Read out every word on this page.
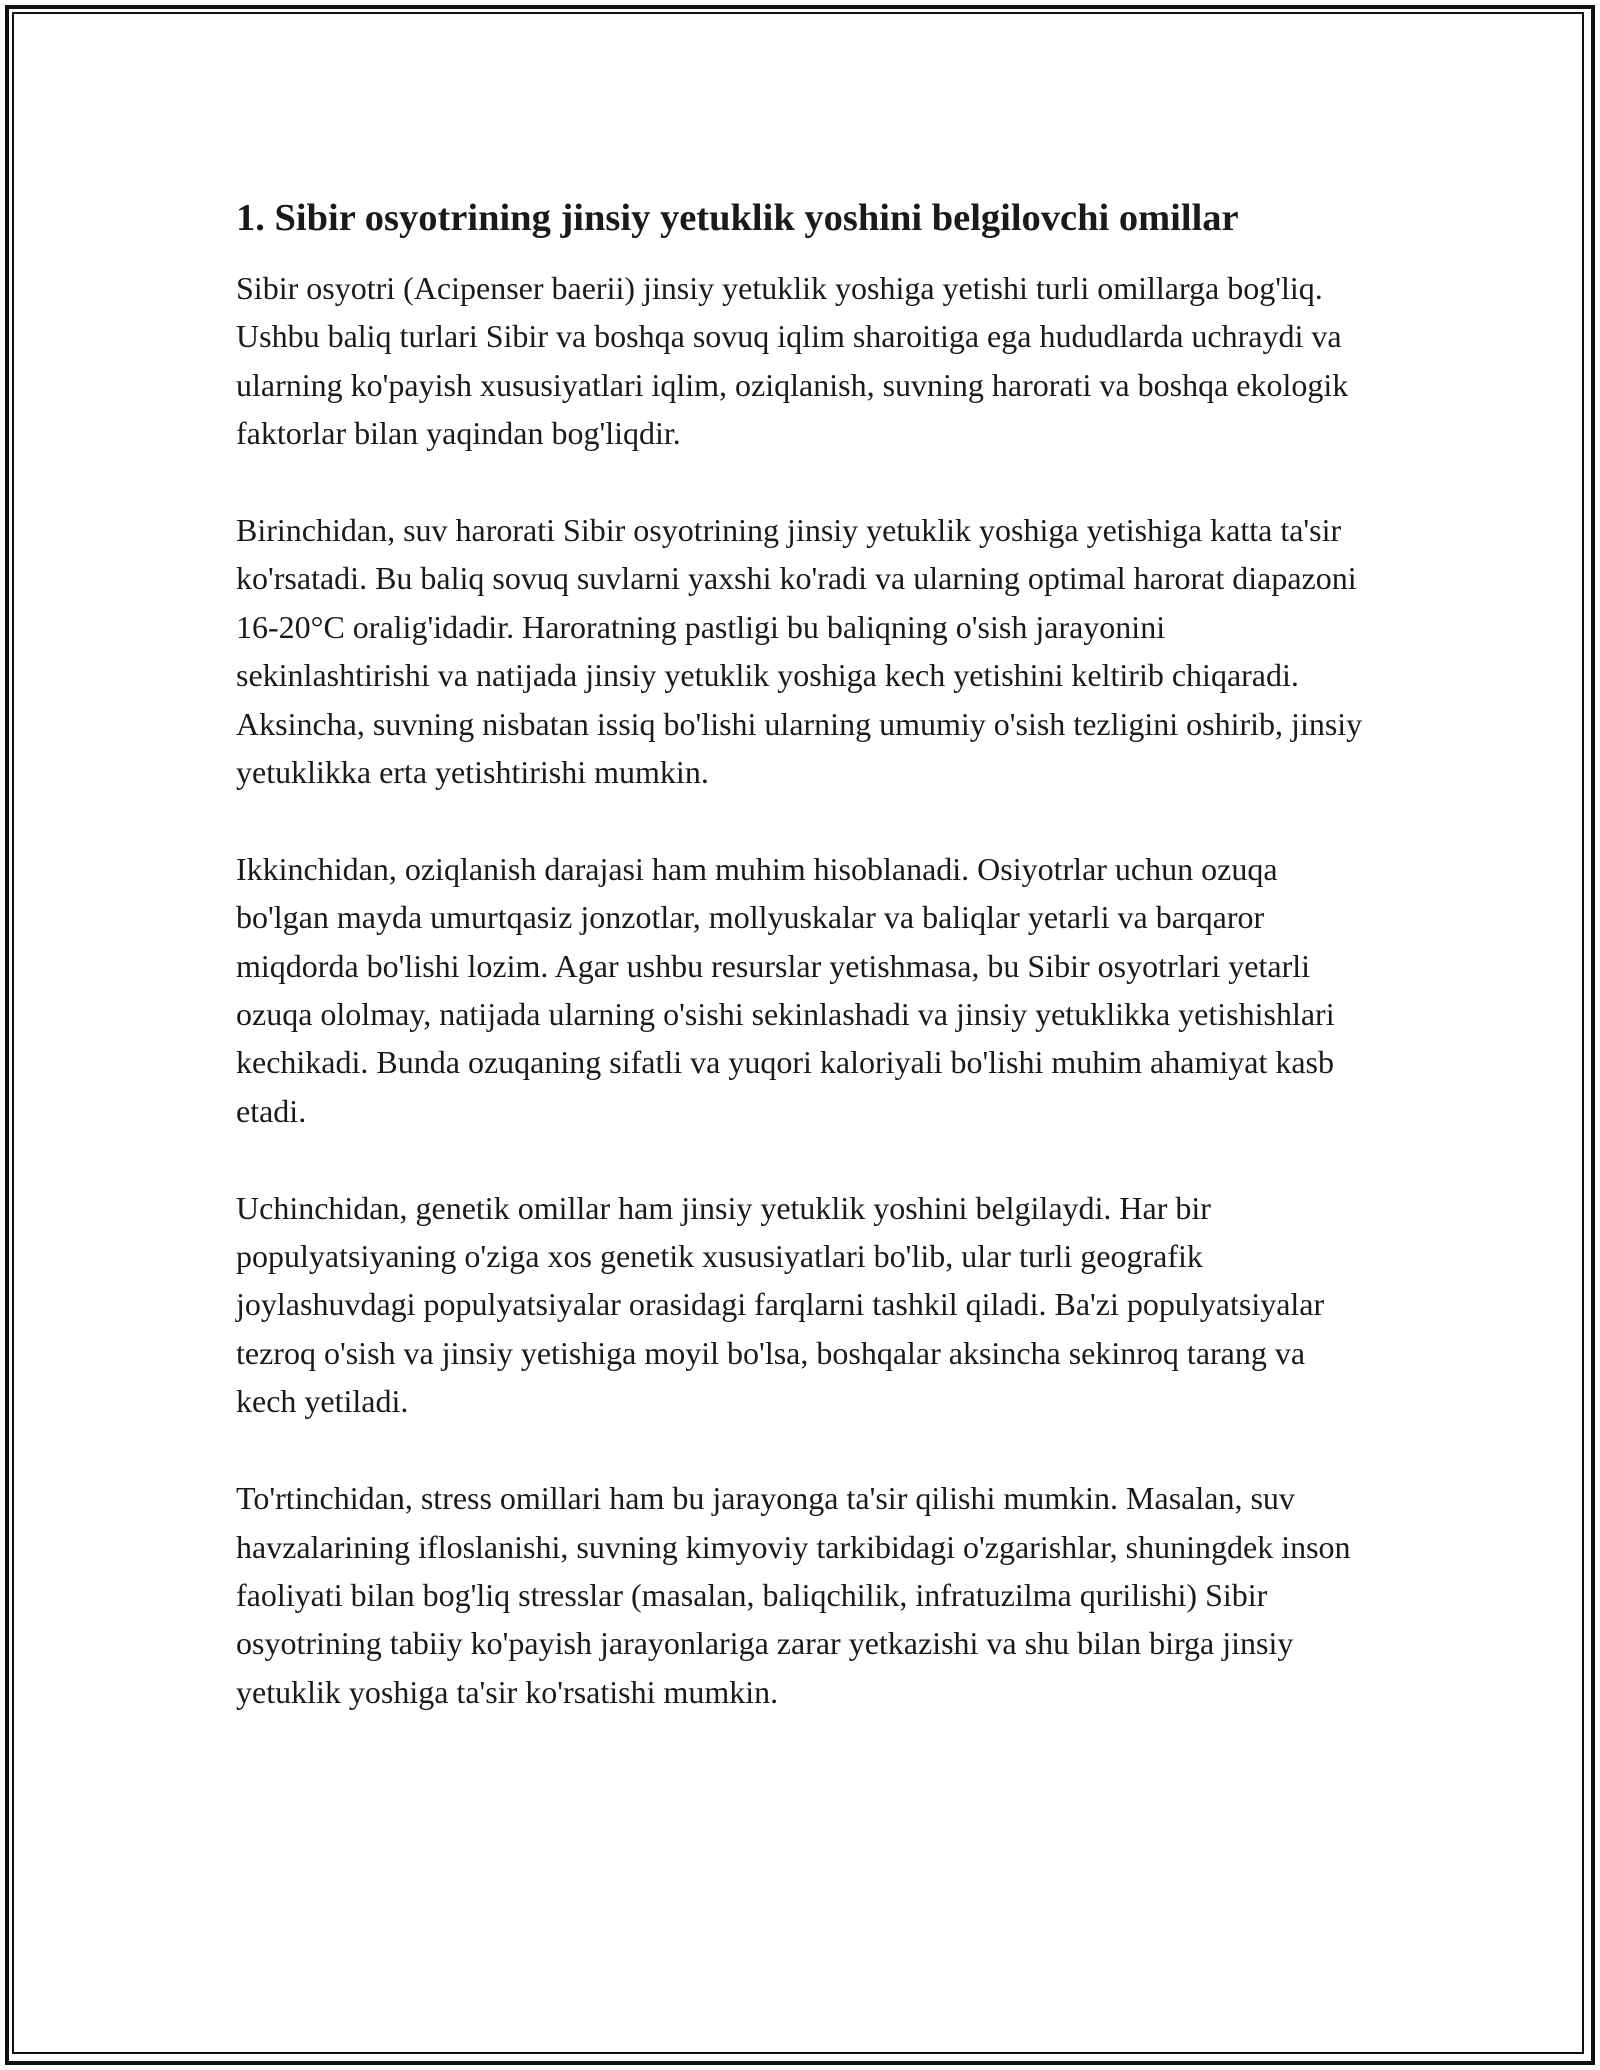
1. Sibir osyotrining jinsiy yetuklik yoshini belgilovchi omillar

Sibir osyotri (Acipenser baerii) jinsiy yetuklik yoshiga yetishi turli omillarga bog'liq. Ushbu baliq turlari Sibir va boshqa sovuq iqlim sharoitiga ega hududlarda uchraydi va ularning ko'payish xususiyatlari iqlim, oziqlanish, suvning harorati va boshqa ekologik faktorlar bilan yaqindan bog'liqdir.

Birinchidan, suv harorati Sibir osyotrining jinsiy yetuklik yoshiga yetishiga katta ta'sir ko'rsatadi. Bu baliq sovuq suvlarni yaxshi ko'radi va ularning optimal harorat diapazoni 16-20°C oralig'idadir. Haroratning pastligi bu baliqning o'sish jarayonini sekinlashtirishi va natijada jinsiy yetuklik yoshiga kech yetishini keltirib chiqaradi. Aksincha, suvning nisbatan issiq bo'lishi ularning umumiy o'sish tezligini oshirib, jinsiy yetuklikka erta yetishtirishi mumkin.

Ikkinchidan, oziqlanish darajasi ham muhim hisoblanadi. Osiyotrlar uchun ozuqa bo'lgan mayda umurtqasiz jonzotlar, mollyuskalar va baliqlar yetarli va barqaror miqdorda bo'lishi lozim. Agar ushbu resurslar yetishmasa, bu Sibir osyotrlari yetarli ozuqa ololmay, natijada ularning o'sishi sekinlashadi va jinsiy yetuklikka yetishishlari kechikadi. Bunda ozuqaning sifatli va yuqori kaloriyali bo'lishi muhim ahamiyat kasb etadi.

Uchinchidan, genetik omillar ham jinsiy yetuklik yoshini belgilaydi. Har bir populyatsiyaning o'ziga xos genetik xususiyatlari bo'lib, ular turli geografik joylashuvdagi populyatsiyalar orasidagi farqlarni tashkil qiladi. Ba'zi populyatsiyalar tezroq o'sish va jinsiy yetishiga moyil bo'lsa, boshqalar aksincha sekinroq tarang va kech yetiladi.

To'rtinchidan, stress omillari ham bu jarayonga ta'sir qilishi mumkin. Masalan, suv havzalarining ifloslanishi, suvning kimyoviy tarkibidagi o'zgarishlar, shuningdek inson faoliyati bilan bog'liq stresslar (masalan, baliqchilik, infratuzilma qurilishi) Sibir osyotrining tabiiy ko'payish jarayonlariga zarar yetkazishi va shu bilan birga jinsiy yetuklik yoshiga ta'sir ko'rsatishi mumkin.
